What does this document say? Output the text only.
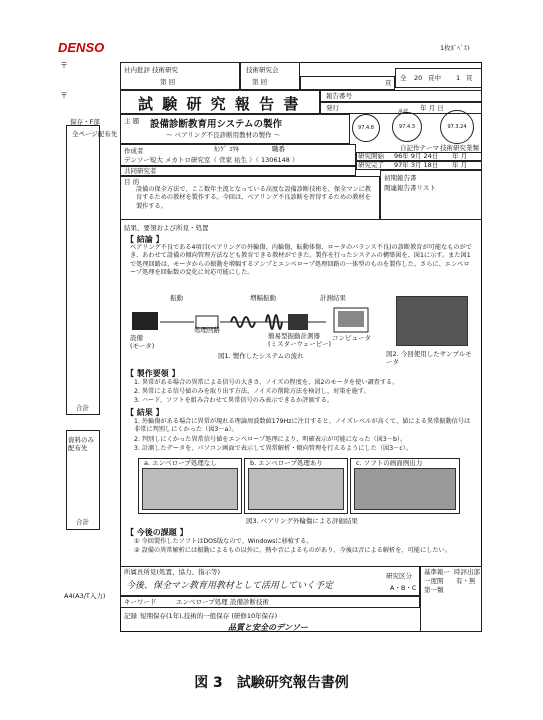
DENSO	1枚ﾎﾞﾍﾞｽﾄ
〒
〒
保存・F部
全ページ配布先
合計
合計
資料のみ配布先
A4(A3/T入力)
社内批評 技術研究
第 回
技術研究会
第 回	頁
全 20 頁中 1 頁
試 験 研 究 報 告 書	報告番号
発行	年 月 日
主 題 設備診断教育用システムの製作
～ ベアリング不良診断用教材の製作 ～
97.4.8	97.4.3	97.3.24
承認
作成者	ｶﾝｹﾞ ﾕｳｷ	職番
デンソー短大 メカトロ研究室（ 菅家 祐生 ）（ 1306148 ）	研究開始 96年 9月 24日
自記作テーマ 技術研究業類
年 月
研究完了 97年 3月 18日 年 月
共同研究者
目 的
設備の保全方法で、ここ数年主流となっている高度な設備診断技術を、保全マンに教育するための教材を製作する。今回は、ベアリング不良診断を習得するための教材を製作する。
初期報告書
関連報告書リスト
結果、要領および所見・処置
【 結論 】
ベアリング不良である4項目(ベアリングの外輪傷、内輪傷、転動体傷、ロータのバランス不良)の診断教育が可能なものができ、あわせて設備の傾向管理方法なども教育できる教材ができた。製作を行ったシステムの構築図を、図1に示す。また図1で処理回路は、モータからの振動を増幅するアンプとエンベロープ処理回路の一体型のものを製作した。さらに、エンベロープ処理を回転数の変化に対応可能にした。
振動	増幅振動	計測結果
設備
(モータ)
処理回路
簡易型振動計測器
(ミスターウェービー)
コンピュータ
図1. 製作したシステムの流れ	図2. 今回使用したサンプルモータ
【 製作要領 】
1. 異常がある場合の異常による信号の大きさ、ノイズの程度を、図2のモータを使い調査する。
2. 異常による信号値のみを取り出す方法、ノイズの削除方法を検討し、対策を施す。
3. ハード、ソフトを組み合わせて異常信号のみ表示できるか評価する。
【 結果 】
1. 外輪傷がある場合に異常が現れる理論周波数値179Hzに注目すると、ノイズレベルが高くて、値による異常振動信号は非常に判別しにくかった（図3－a）。
2. 判別しにくかった異常信号値をエンベロープ処理により、明確表示が可能になった（図3－b）。
3. 計測したデータを、パソコン画面で表示して異常解析・傾向管理を行えるようにした（図3－c）。
a. エンベロープ処理なし	b. エンベロープ処理あり	c. ソフトの画面例出力
図3. ベアリング外輪傷による評価結果
【 今後の課題 】
① 今回製作したソフトはDOS版なので、Windowsに移植する。
② 設備の異常解析には振動によるもの以外に、熱や音によるものがあり、今後は音による解析を、可能にしたい。
所属長所見(処置、協力、指示等)
今後、保全マン教育用教材として活用していく予定
研究区分
A・B・C
キーワード	エンベロープ処理 設備診断技術
基準報ー
一度開
第一類
時評出部
有・無
記録 短期保存(1年),技術的一般保存 (研修10年保存)
品質と安全のデンソー
図 3　試験研究報告書例
